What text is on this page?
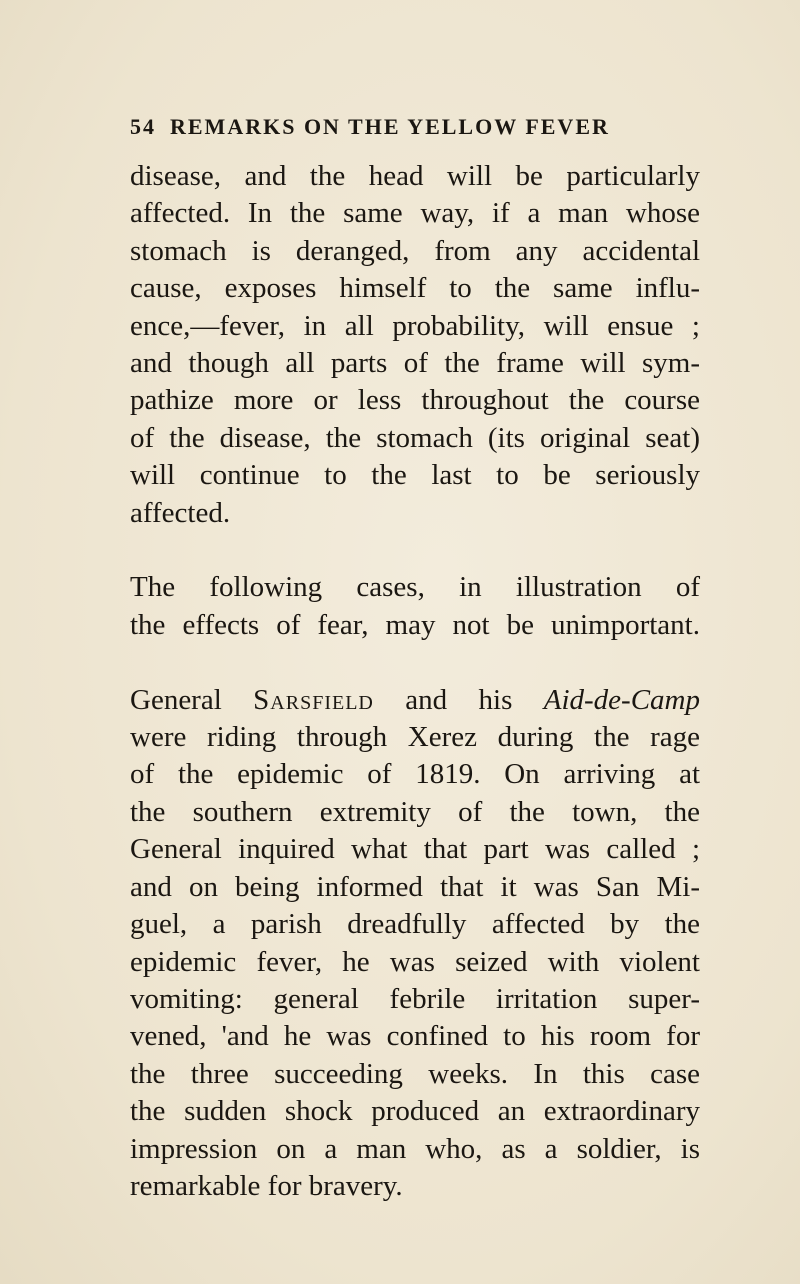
54 REMARKS ON THE YELLOW FEVER
disease, and the head will be particularly
affected. In the same way, if a man whose
stomach is deranged, from any accidental
cause, exposes himself to the same influ-
ence,—fever, in all probability, will ensue ;
and though all parts of the frame will sym-
pathize more or less throughout the course
of the disease, the stomach (its original seat)
will continue to the last to be seriously
affected.
The following cases, in illustration of
the effects of fear, may not be unimportant.
General Sarsfield and his Aid-de-Camp
were riding through Xerez during the rage
of the epidemic of 1819. On arriving at
the southern extremity of the town, the
General inquired what that part was called ;
and on being informed that it was San Mi-
guel, a parish dreadfully affected by the
epidemic fever, he was seized with violent
vomiting: general febrile irritation super-
vened, 'and he was confined to his room for
the three succeeding weeks. In this case
the sudden shock produced an extraordinary
impression on a man who, as a soldier, is
remarkable for bravery.
